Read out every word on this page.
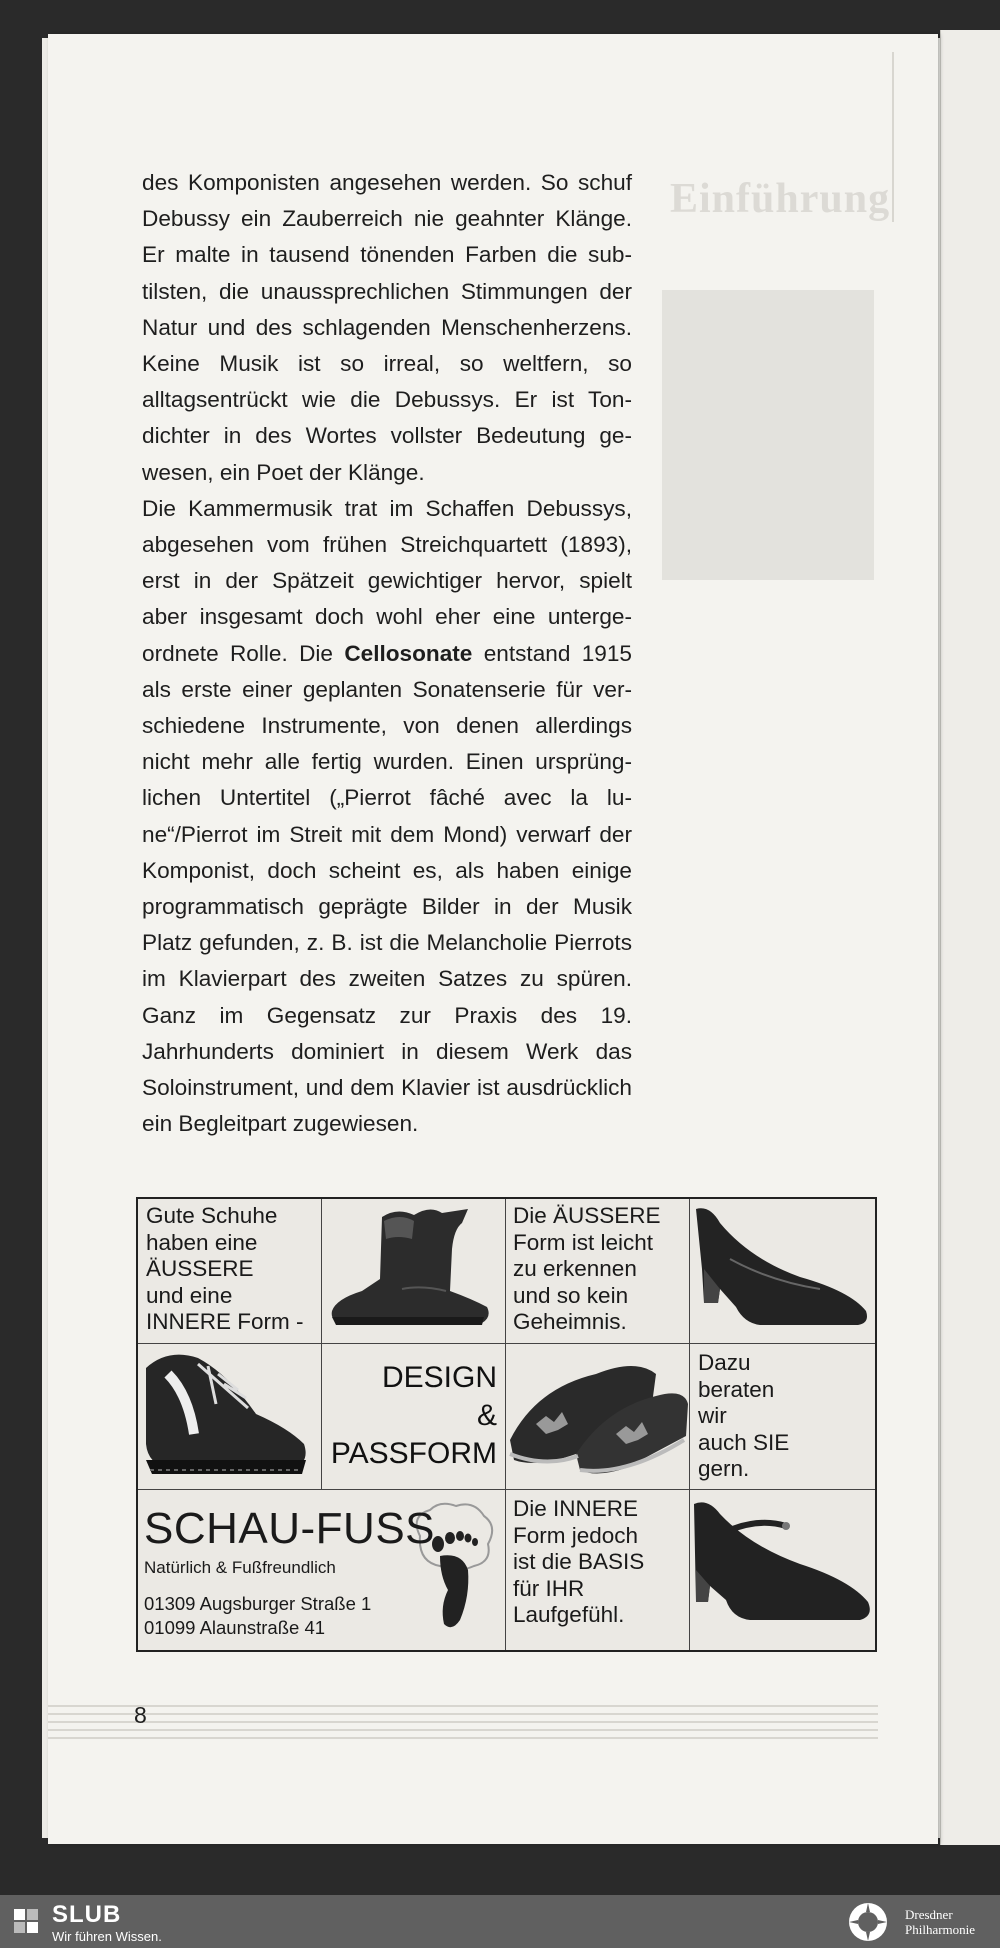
Einführung

des Komponisten angesehen werden. So schuf Debussy ein Zauberreich nie geahnter Klänge. Er malte in tausend tönenden Farben die subtilsten, die unaussprechlichen Stimmungen der Natur und des schlagenden Menschenherzens. Keine Musik ist so irreal, so weltfern, so alltagsentrückt wie die Debussys. Er ist Tondichter in des Wortes vollster Bedeutung gewesen, ein Poet der Klänge.

Die Kammermusik trat im Schaffen Debussys, abgesehen vom frühen Streichquartett (1893), erst in der Spätzeit gewichtiger hervor, spielt aber insgesamt doch wohl eher eine untergeordnete Rolle. Die Cellosonate entstand 1915 als erste einer geplanten Sonatenserie für verschiedene Instrumente, von denen allerdings nicht mehr alle fertig wurden. Einen ursprünglichen Untertitel („Pierrot fâché avec la lune“/Pierrot im Streit mit dem Mond) verwarf der Komponist, doch scheint es, als haben einige programmatisch geprägte Bilder in der Musik Platz gefunden, z. B. ist die Melancholie Pierrots im Klavierpart des zweiten Satzes zu spüren. Ganz im Gegensatz zur Praxis des 19. Jahrhunderts dominiert in diesem Werk das Soloinstrument, und dem Klavier ist ausdrücklich ein Begleitpart zugewiesen.

Gute Schuhe
haben eine
ÄUSSERE
und eine
INNERE Form -
Die ÄUSSERE
Form ist leicht
zu erkennen
und so kein
Geheimnis.
DESIGN
&
PASSFORM
Dazu
beraten
wir
auch SIE
gern.
SCHAU-FUSS
Natürlich & Fußfreundlich
01309 Augsburger Straße 1
01099 Alaunstraße 41
Die INNERE
Form jedoch
ist die BASIS
für IHR
Laufgefühl.
8
SLUB
Wir führen Wissen.
Dresdner
Philharmonie
